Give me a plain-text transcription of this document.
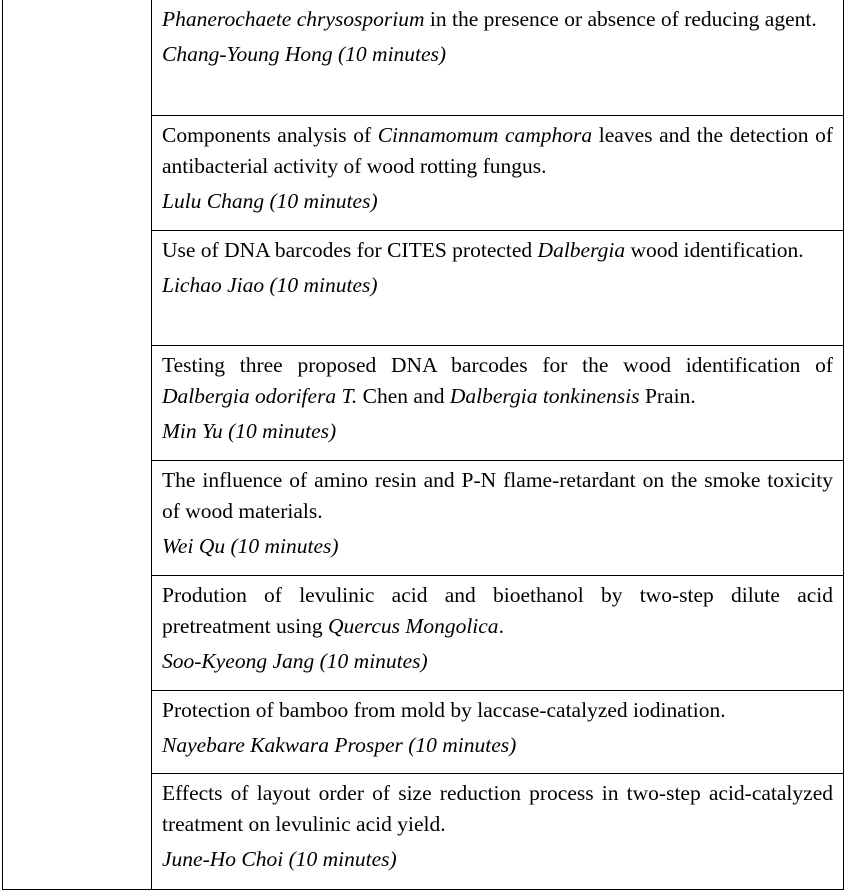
Phanerochaete chrysosporium in the presence or absence of reducing agent.

Chang-Young Hong (10 minutes)

Components analysis of Cinnamomum camphora leaves and the detection of antibacterial activity of wood rotting fungus.

Lulu Chang (10 minutes)

Use of DNA barcodes for CITES protected Dalbergia wood identification.

Lichao Jiao (10 minutes)

Testing three proposed DNA barcodes for the wood identification of Dalbergia odorifera T. Chen and Dalbergia tonkinensis Prain.

Min Yu (10 minutes)

The influence of amino resin and P-N flame-retardant on the smoke toxicity of wood materials.

Wei Qu (10 minutes)

Prodution of levulinic acid and bioethanol by two-step dilute acid pretreatment using Quercus Mongolica.

Soo-Kyeong Jang (10 minutes)

Protection of bamboo from mold by laccase-catalyzed iodination.

Nayebare Kakwara Prosper (10 minutes)

Effects of layout order of size reduction process in two-step acid-catalyzed treatment on levulinic acid yield.

June-Ho Choi (10 minutes)
